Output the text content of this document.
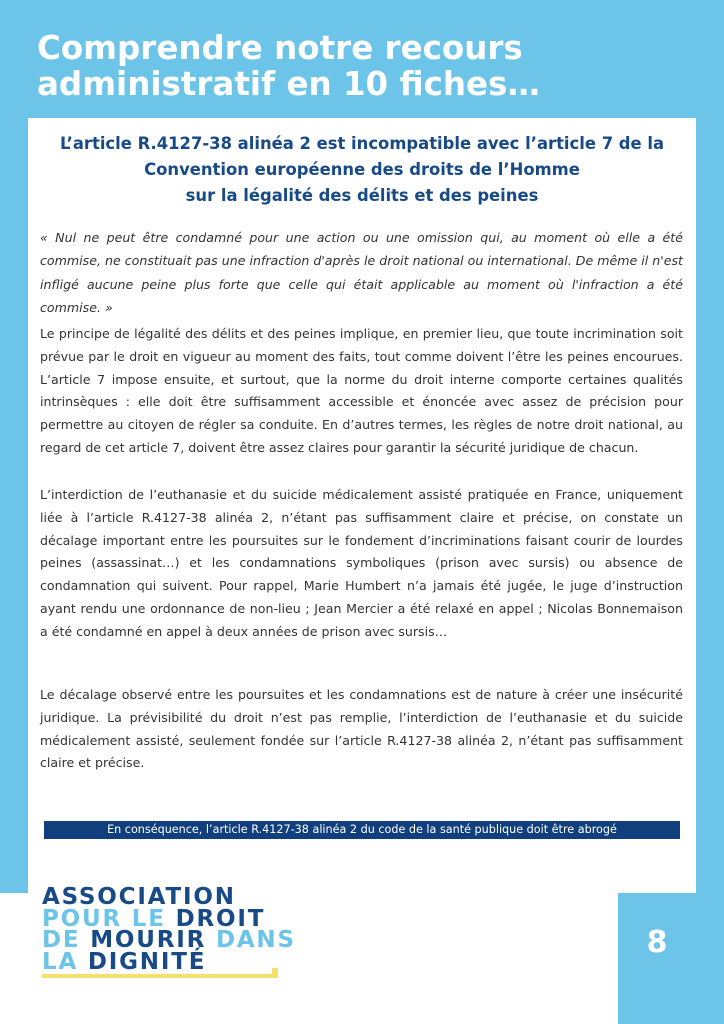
Comprendre notre recours
administratif en 10 fiches…
L’article R.4127-38 alinéa 2 est incompatible avec l’article 7 de la
Convention européenne des droits de l’Homme
sur la légalité des délits et des peines

« Nul ne peut être condamné pour une action ou une omission qui, au moment où elle a été commise, ne constituait pas une infraction d'après le droit national ou international. De même il n'est infligé aucune peine plus forte que celle qui était applicable au moment où l'infraction a été commise. »

Le principe de légalité des délits et des peines implique, en premier lieu, que toute incrimination soit prévue par le droit en vigueur au moment des faits, tout comme doivent l’être les peines encourues. L’article 7 impose ensuite, et surtout, que la norme du droit interne comporte certaines qualités intrinsèques : elle doit être suffisamment accessible et énoncée avec assez de précision pour permettre au citoyen de régler sa conduite. En d’autres termes, les règles de notre droit national, au regard de cet article 7, doivent être assez claires pour garantir la sécurité juridique de chacun.

L’interdiction de l’euthanasie et du suicide médicalement assisté pratiquée en France, uniquement liée à l’article R.4127-38 alinéa 2, n’étant pas suffisamment claire et précise, on constate un décalage important entre les poursuites sur le fondement d’incriminations faisant courir de lourdes peines (assassinat…) et les condamnations symboliques (prison avec sursis) ou absence de condamnation qui suivent. Pour rappel, Marie Humbert n’a jamais été jugée, le juge d’instruction ayant rendu une ordonnance de non-lieu ; Jean Mercier a été relaxé en appel ; Nicolas Bonnemaison a été condamné en appel à deux années de prison avec sursis…

Le décalage observé entre les poursuites et les condamnations est de nature à créer une insécurité juridique. La prévisibilité du droit n’est pas remplie, l’interdiction de l’euthanasie et du suicide médicalement assisté, seulement fondée sur l’article R.4127-38 alinéa 2, n’étant pas suffisamment claire et précise.

En conséquence, l’article R.4127-38 alinéa 2 du code de la santé publique doit être abrogé

ASSOCIATION
POUR LE DROIT
DE MOURIR DANS
LA DIGNITÉ
8
